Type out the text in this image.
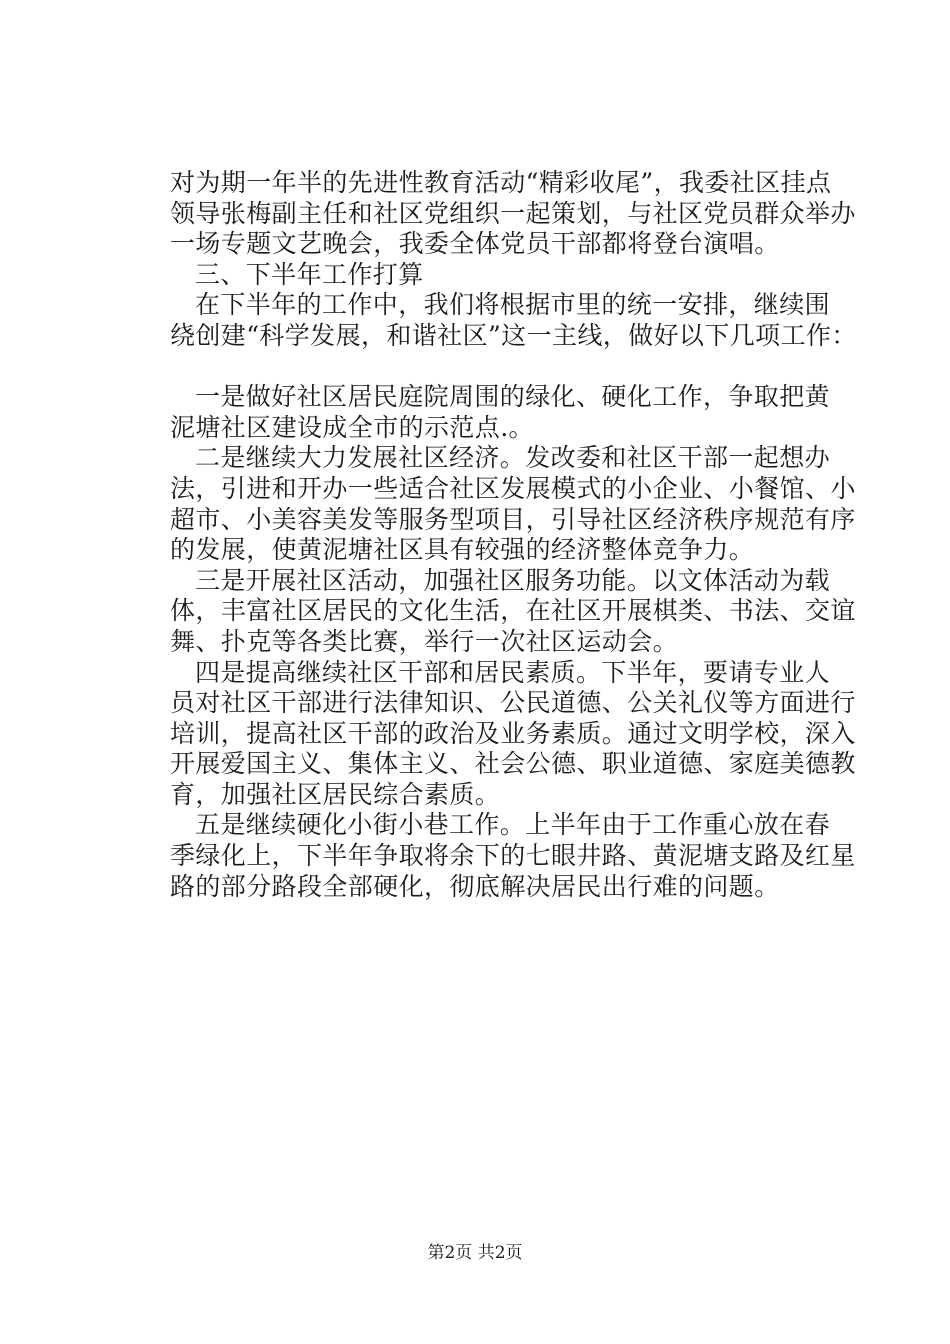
对为期一年半的先进性教育活动“精彩收尾”，我委社区挂点
领导张梅副主任和社区党组织一起策划，与社区党员群众举办
一场专题文艺晚会，我委全体党员干部都将登台演唱。

三、下半年工作打算

在下半年的工作中，我们将根据市里的统一安排，继续围
绕创建“科学发展，和谐社区”这一主线，做好以下几项工作：

一是做好社区居民庭院周围的绿化、硬化工作，争取把黄
泥塘社区建设成全市的示范点.。

二是继续大力发展社区经济。发改委和社区干部一起想办
法，引进和开办一些适合社区发展模式的小企业、小餐馆、小
超市、小美容美发等服务型项目，引导社区经济秩序规范有序
的发展，使黄泥塘社区具有较强的经济整体竞争力。

三是开展社区活动，加强社区服务功能。以文体活动为载
体，丰富社区居民的文化生活，在社区开展棋类、书法、交谊
舞、扑克等各类比赛，举行一次社区运动会。

四是提高继续社区干部和居民素质。下半年，要请专业人
员对社区干部进行法律知识、公民道德、公关礼仪等方面进行
培训，提高社区干部的政治及业务素质。通过文明学校，深入
开展爱国主义、集体主义、社会公德、职业道德、家庭美德教
育，加强社区居民综合素质。

五是继续硬化小街小巷工作。上半年由于工作重心放在春
季绿化上，下半年争取将余下的七眼井路、黄泥塘支路及红星
路的部分路段全部硬化，彻底解决居民出行难的问题。

第2页 共2页
